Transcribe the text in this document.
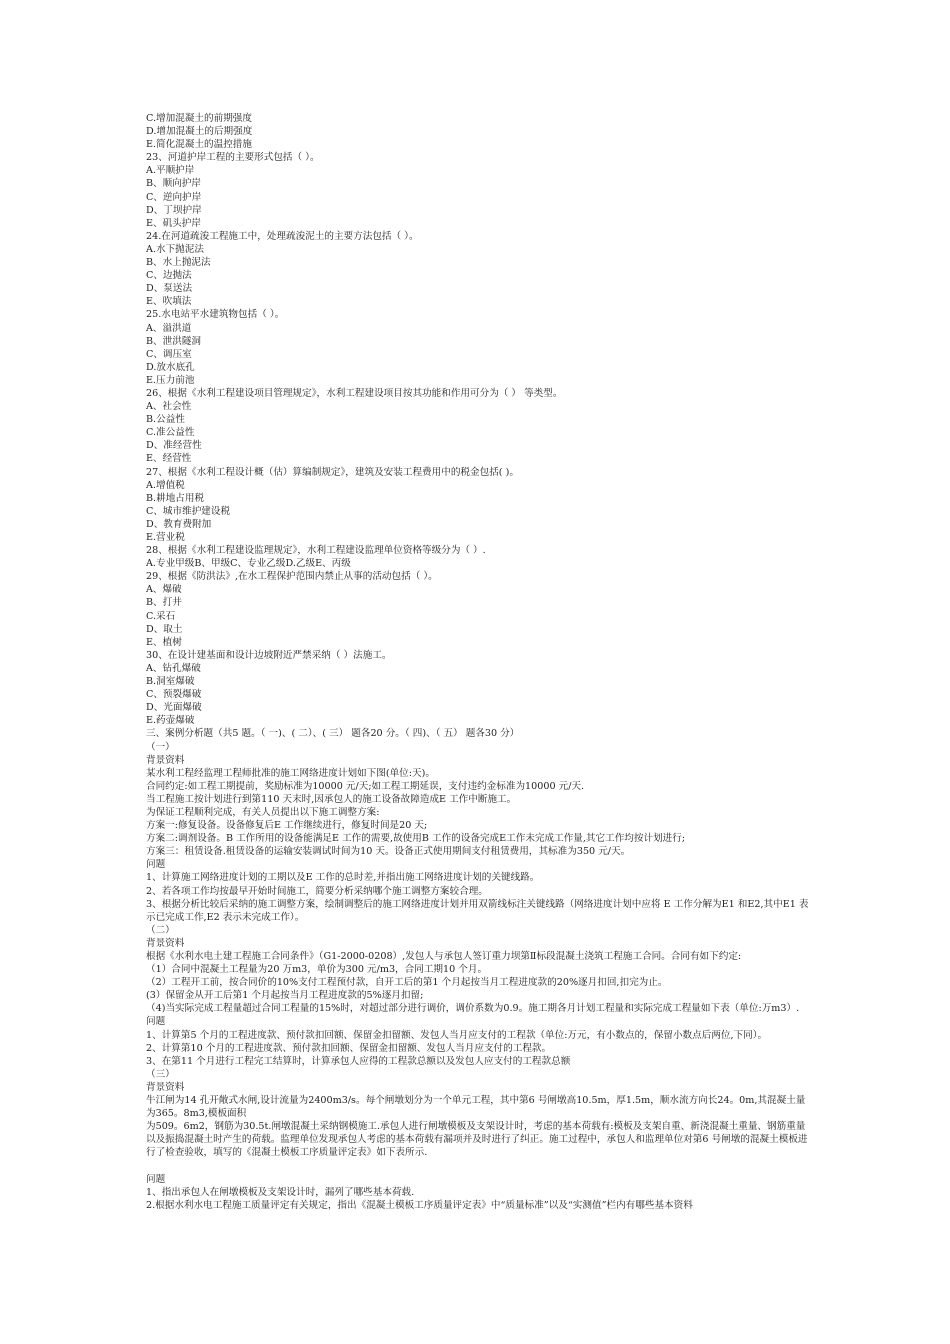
C.增加混凝土的前期强度
D.增加混凝土的后期强度
E.简化混凝土的温控措施
23、河道护岸工程的主要形式包括（ ）。
A.平顺护岸
B、顺向护岸
C、逆向护岸
D、丁坝护岸
E、矶头护岸
24.在河道疏浚工程施工中，处理疏浚泥土的主要方法包括（ ）。
A.水下抛泥法
B、水上抛泥法
C、边抛法
D、泵送法
E、吹填法
25.水电站平水建筑物包括（ ）。
A、溢洪道
B、泄洪隧洞
C、调压室
D.放水底孔
E.压力前池
26、根据《水利工程建设项目管理规定》，水利工程建设项目按其功能和作用可分为（ ） 等类型。
A、社会性
B.公益性
C.准公益性
D、准经营性
E、经营性
27、根据《水利工程设计概（估）算编制规定》，建筑及安装工程费用中的税金包括( )。
A.增值税
B.耕地占用税
C、城市维护建设税
D、教育费附加
E.营业税
28、根据《水利工程建设监理规定》，水利工程建设监理单位资格等级分为（ ）.
A.专业甲级B、甲级C、专业乙级D.乙级E、丙级
29、根据《防洪法》,在水工程保护范围内禁止从事的活动包括（ ）。
A、爆破
B、打井
C.采石
D、取土
E、植树
30、在设计建基面和设计边坡附近严禁采纳（ ）法施工。
A、钻孔爆破
B.洞室爆破
C、预裂爆破
D、光面爆破
E.药壶爆破
三、案例分析题（共5 题。（ 一)、( 二）、( 三） 题各20 分。（ 四)、（ 五） 题各30 分）
（一）
背景资料
某水利工程经监理工程师批准的施工网络进度计划如下图(单位:天)。
合同约定:如工程工期提前，奖励标准为10000 元/天;如工程工期延误，支付违约金标准为10000 元/天.
当工程施工按计划进行到第110 天末时,因承包人的施工设备故障造成E 工作中断施工。
为保证工程顺利完成，有关人员提出以下施工调整方案:
方案一:修复设备。设备修复后E 工作继续进行，修复时间是20 天;
方案二:调剂设备。B 工作所用的设备能满足E 工作的需要,故使用B 工作的设备完成E工作未完成工作量,其它工作均按计划进行;
方案三：租赁设备.租赁设备的运输安装调试时间为10 天。设备正式使用期间支付租赁费用，其标准为350 元/天。
问题
1、计算施工网络进度计划的工期以及E 工作的总时差,并指出施工网络进度计划的关键线路。
2、若各项工作均按最早开始时间施工，简要分析采纳哪个施工调整方案较合理。
3、根据分析比较后采纳的施工调整方案，绘制调整后的施工网络进度计划并用双箭线标注关键线路（网络进度计划中应将 E 工作分解为E1 和E2,其中E1 表示已完成工作,E2 表示未完成工作）。
（二）
背景资料
根据《水利水电土建工程施工合同条件》（G1-2000-0208）,发包人与承包人签订重力坝第Ⅱ标段混凝土浇筑工程施工合同。合同有如下约定:
（1）合同中混凝土工程量为20 万m3，单价为300 元/m3，合同工期10 个月。
（2）工程开工前，按合同价的10%支付工程预付款，自开工后的第1 个月起按当月工程进度款的20%逐月扣回,扣完为止。
(3）保留金从开工后第1 个月起按当月工程进度款的5%逐月扣留;
（4)当实际完成工程量超过合同工程量的15%时，对超过部分进行调价，调价系数为0.9。施工期各月计划工程量和实际完成工程量如下表（单位:万m3）.
问题
1、计算第5 个月的工程进度款、预付款扣回额、保留金扣留额、发包人当月应支付的工程款（单位:万元，有小数点的，保留小数点后两位,下同）。
2、计算第10 个月的工程进度款、预付款扣回额、保留金扣留额、发包人当月应支付的工程款。
3、在第11 个月进行工程完工结算时，计算承包人应得的工程款总额以及发包人应支付的工程款总额
（三）
背景资料
牛江闸为14 孔开敞式水闸,设计流量为2400m3/s。每个闸墩划分为一个单元工程，其中第6 号闸墩高10.5m，厚1.5m，顺水流方向长24。0m,其混凝土量为365。8m3,模板面积
为509。6m2，钢筋为30.5t.闸墩混凝土采纳钢模施工.承包人进行闸墩模板及支架设计时，考虑的基本荷载有:模板及支架自重、新浇混凝土重量、钢筋重量以及振捣混凝土时产生的荷载。监理单位发现承包人考虑的基本荷载有漏项并及时进行了纠正。施工过程中，承包人和监理单位对第6 号闸墩的混凝土模板进行了检查验收，填写的《混凝土模板工序质量评定表》如下表所示.
问题
1、指出承包人在闸墩模板及支架设计时，漏列了哪些基本荷载.
2.根据水利水电工程施工质量评定有关规定，指出《混凝土模板工序质量评定表》中“质量标准”以及“实测值”栏内有哪些基本资料
